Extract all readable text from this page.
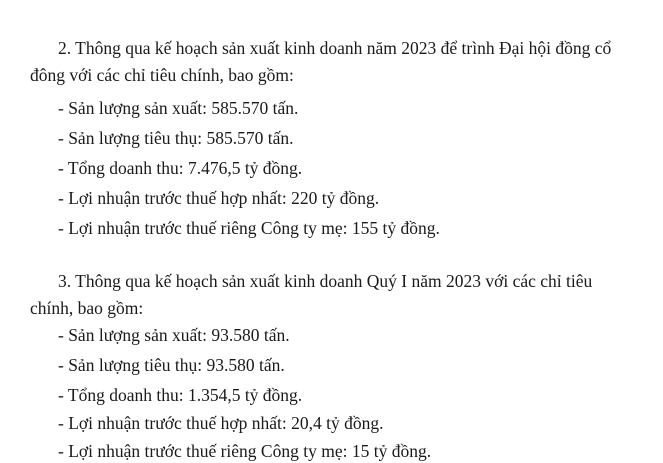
2. Thông qua kế hoạch sản xuất kinh doanh năm 2023 để trình Đại hội đồng cổ
đông với các chỉ tiêu chính, bao gồm:
- Sản lượng sản xuất: 585.570 tấn.
- Sản lượng tiêu thụ: 585.570 tấn.
- Tổng doanh thu: 7.476,5 tỷ đồng.
- Lợi nhuận trước thuế hợp nhất: 220 tỷ đồng.
- Lợi nhuận trước thuế riêng Công ty mẹ: 155 tỷ đồng.
3. Thông qua kế hoạch sản xuất kinh doanh Quý I năm 2023 với các chỉ tiêu
chính, bao gồm:
- Sản lượng sản xuất: 93.580 tấn.
- Sản lượng tiêu thụ: 93.580 tấn.
- Tổng doanh thu: 1.354,5 tỷ đồng.
- Lợi nhuận trước thuế hợp nhất: 20,4 tỷ đồng.
- Lợi nhuận trước thuế riêng Công ty mẹ: 15 tỷ đồng.
